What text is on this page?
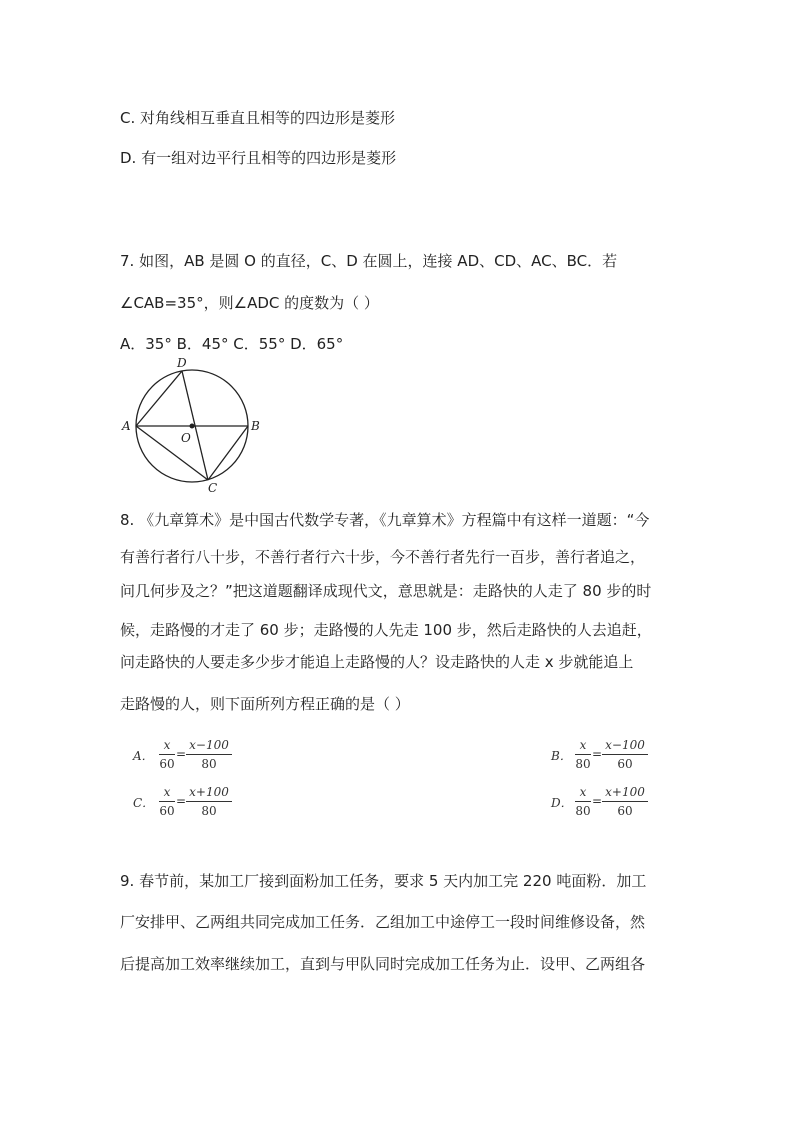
C. 对角线相互垂直且相等的四边形是菱形
D. 有一组对边平行且相等的四边形是菱形
7. 如图，AB 是圆 O 的直径，C、D 在圆上，连接 AD、CD、AC、BC．若
∠CAB=35°，则∠ADC 的度数为（ ）
A．35° B．45° C．55° D．65°
A	B
C
D
O
8. 《九章算术》是中国古代数学专著，《九章算术》方程篇中有这样一道题：“今
有善行者行八十步，不善行者行六十步，今不善行者先行一百步，善行者追之，
问几何步及之？”把这道题翻译成现代文，意思就是：走路快的人走了 80 步的时
候，走路慢的才走了 60 步；走路慢的人先走 100 步，然后走路快的人去追赶，
问走路快的人要走多少步才能追上走路慢的人？设走路快的人走 x 步就能追上
走路慢的人，则下面所列方程正确的是（ ）
A．
x
60
=
x−100
80
B．
x
80
=
x−100
60
C．
x
60
=
x+100
80
D．
x
80
=
x+100
60
9. 春节前，某加工厂接到面粉加工任务，要求 5 天内加工完 220 吨面粉．加工
厂安排甲、乙两组共同完成加工任务．乙组加工中途停工一段时间维修设备，然
后提高加工效率继续加工，直到与甲队同时完成加工任务为止．设甲、乙两组各
